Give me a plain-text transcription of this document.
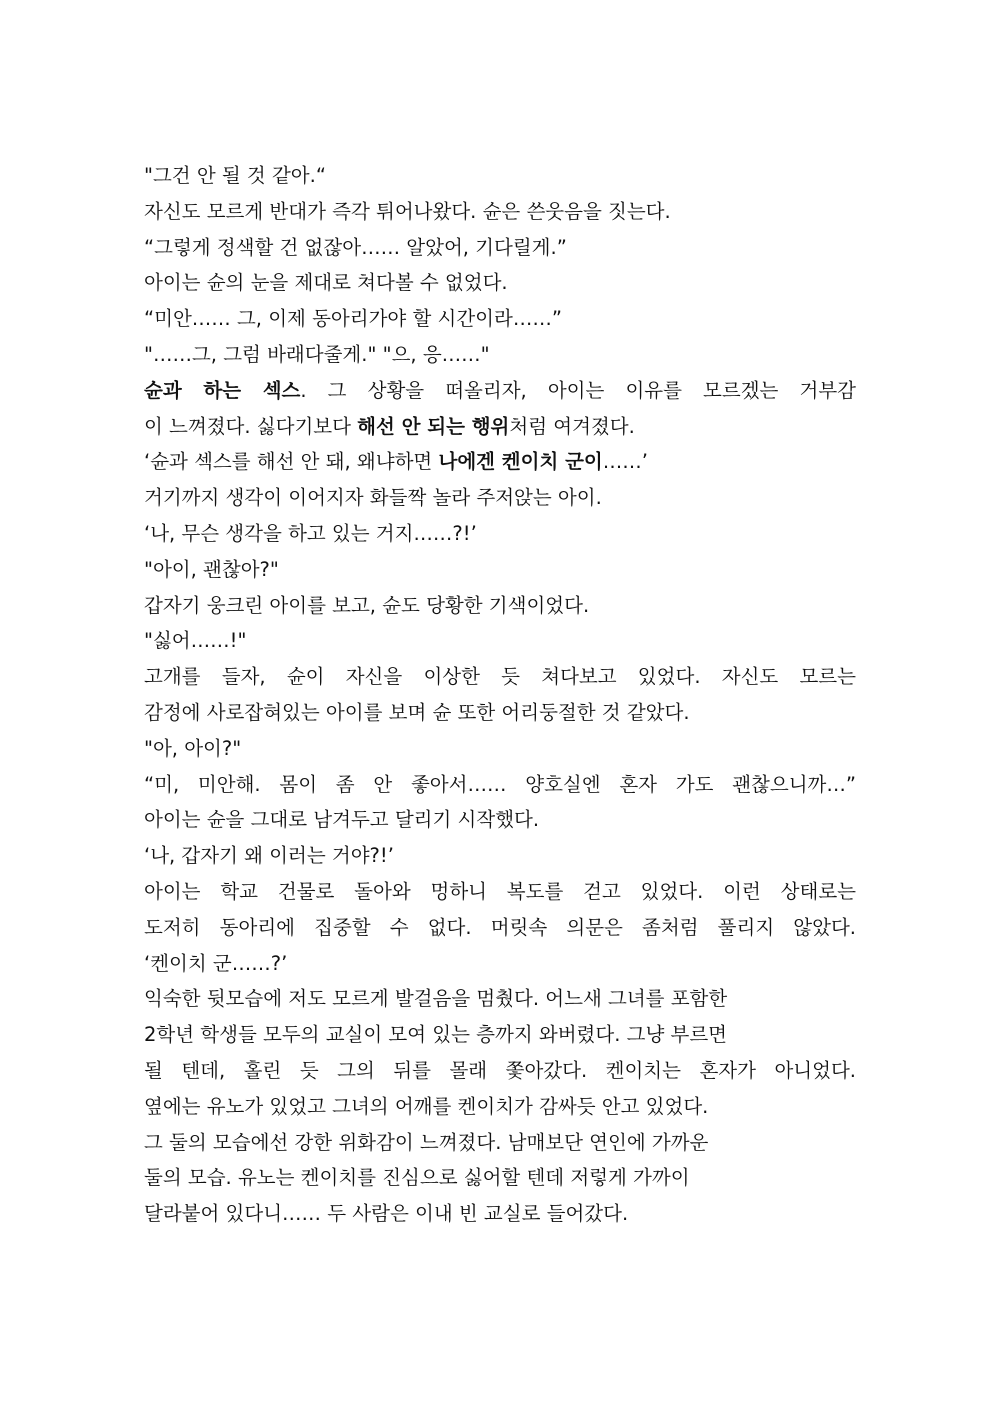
"그건 안 될 것 같아.“
자신도 모르게 반대가 즉각 튀어나왔다. 슌은 쓴웃음을 짓는다.
“그렇게 정색할 건 없잖아…… 알았어, 기다릴게.”
아이는 슌의 눈을 제대로 쳐다볼 수 없었다.
“미안…… 그, 이제 동아리가야 할 시간이라……”
"……그, 그럼 바래다줄게." "으, 응……"
슌과 하는 섹스. 그 상황을 떠올리자, 아이는 이유를 모르겠는 거부감
이 느껴졌다. 싫다기보다 해선 안 되는 행위처럼 여겨졌다.
‘슌과 섹스를 해선 안 돼, 왜냐하면 나에겐 켄이치 군이……’
거기까지 생각이 이어지자 화들짝 놀라 주저앉는 아이.
‘나, 무슨 생각을 하고 있는 거지……?!’
"아이, 괜찮아?"
갑자기 웅크린 아이를 보고, 슌도 당황한 기색이었다.
"싫어……!"
고개를 들자, 슌이 자신을 이상한 듯 쳐다보고 있었다. 자신도 모르는
감정에 사로잡혀있는 아이를 보며 슌 또한 어리둥절한 것 같았다.
"아, 아이?"
“미, 미안해. 몸이 좀 안 좋아서…… 양호실엔 혼자 가도 괜찮으니까…”
아이는 슌을 그대로 남겨두고 달리기 시작했다.
‘나, 갑자기 왜 이러는 거야?!’
아이는 학교 건물로 돌아와 멍하니 복도를 걷고 있었다. 이런 상태로는
도저히 동아리에 집중할 수 없다. 머릿속 의문은 좀처럼 풀리지 않았다.
‘켄이치 군……?’
익숙한 뒷모습에 저도 모르게 발걸음을 멈췄다. 어느새 그녀를 포함한
2학년 학생들 모두의 교실이 모여 있는 층까지 와버렸다. 그냥 부르면
될 텐데, 홀린 듯 그의 뒤를 몰래 쫓아갔다. 켄이치는 혼자가 아니었다.
옆에는 유노가 있었고 그녀의 어깨를 켄이치가 감싸듯 안고 있었다.
그 둘의 모습에선 강한 위화감이 느껴졌다. 남매보단 연인에 가까운
둘의 모습. 유노는 켄이치를 진심으로 싫어할 텐데 저렇게 가까이
달라붙어 있다니…… 두 사람은 이내 빈 교실로 들어갔다.
